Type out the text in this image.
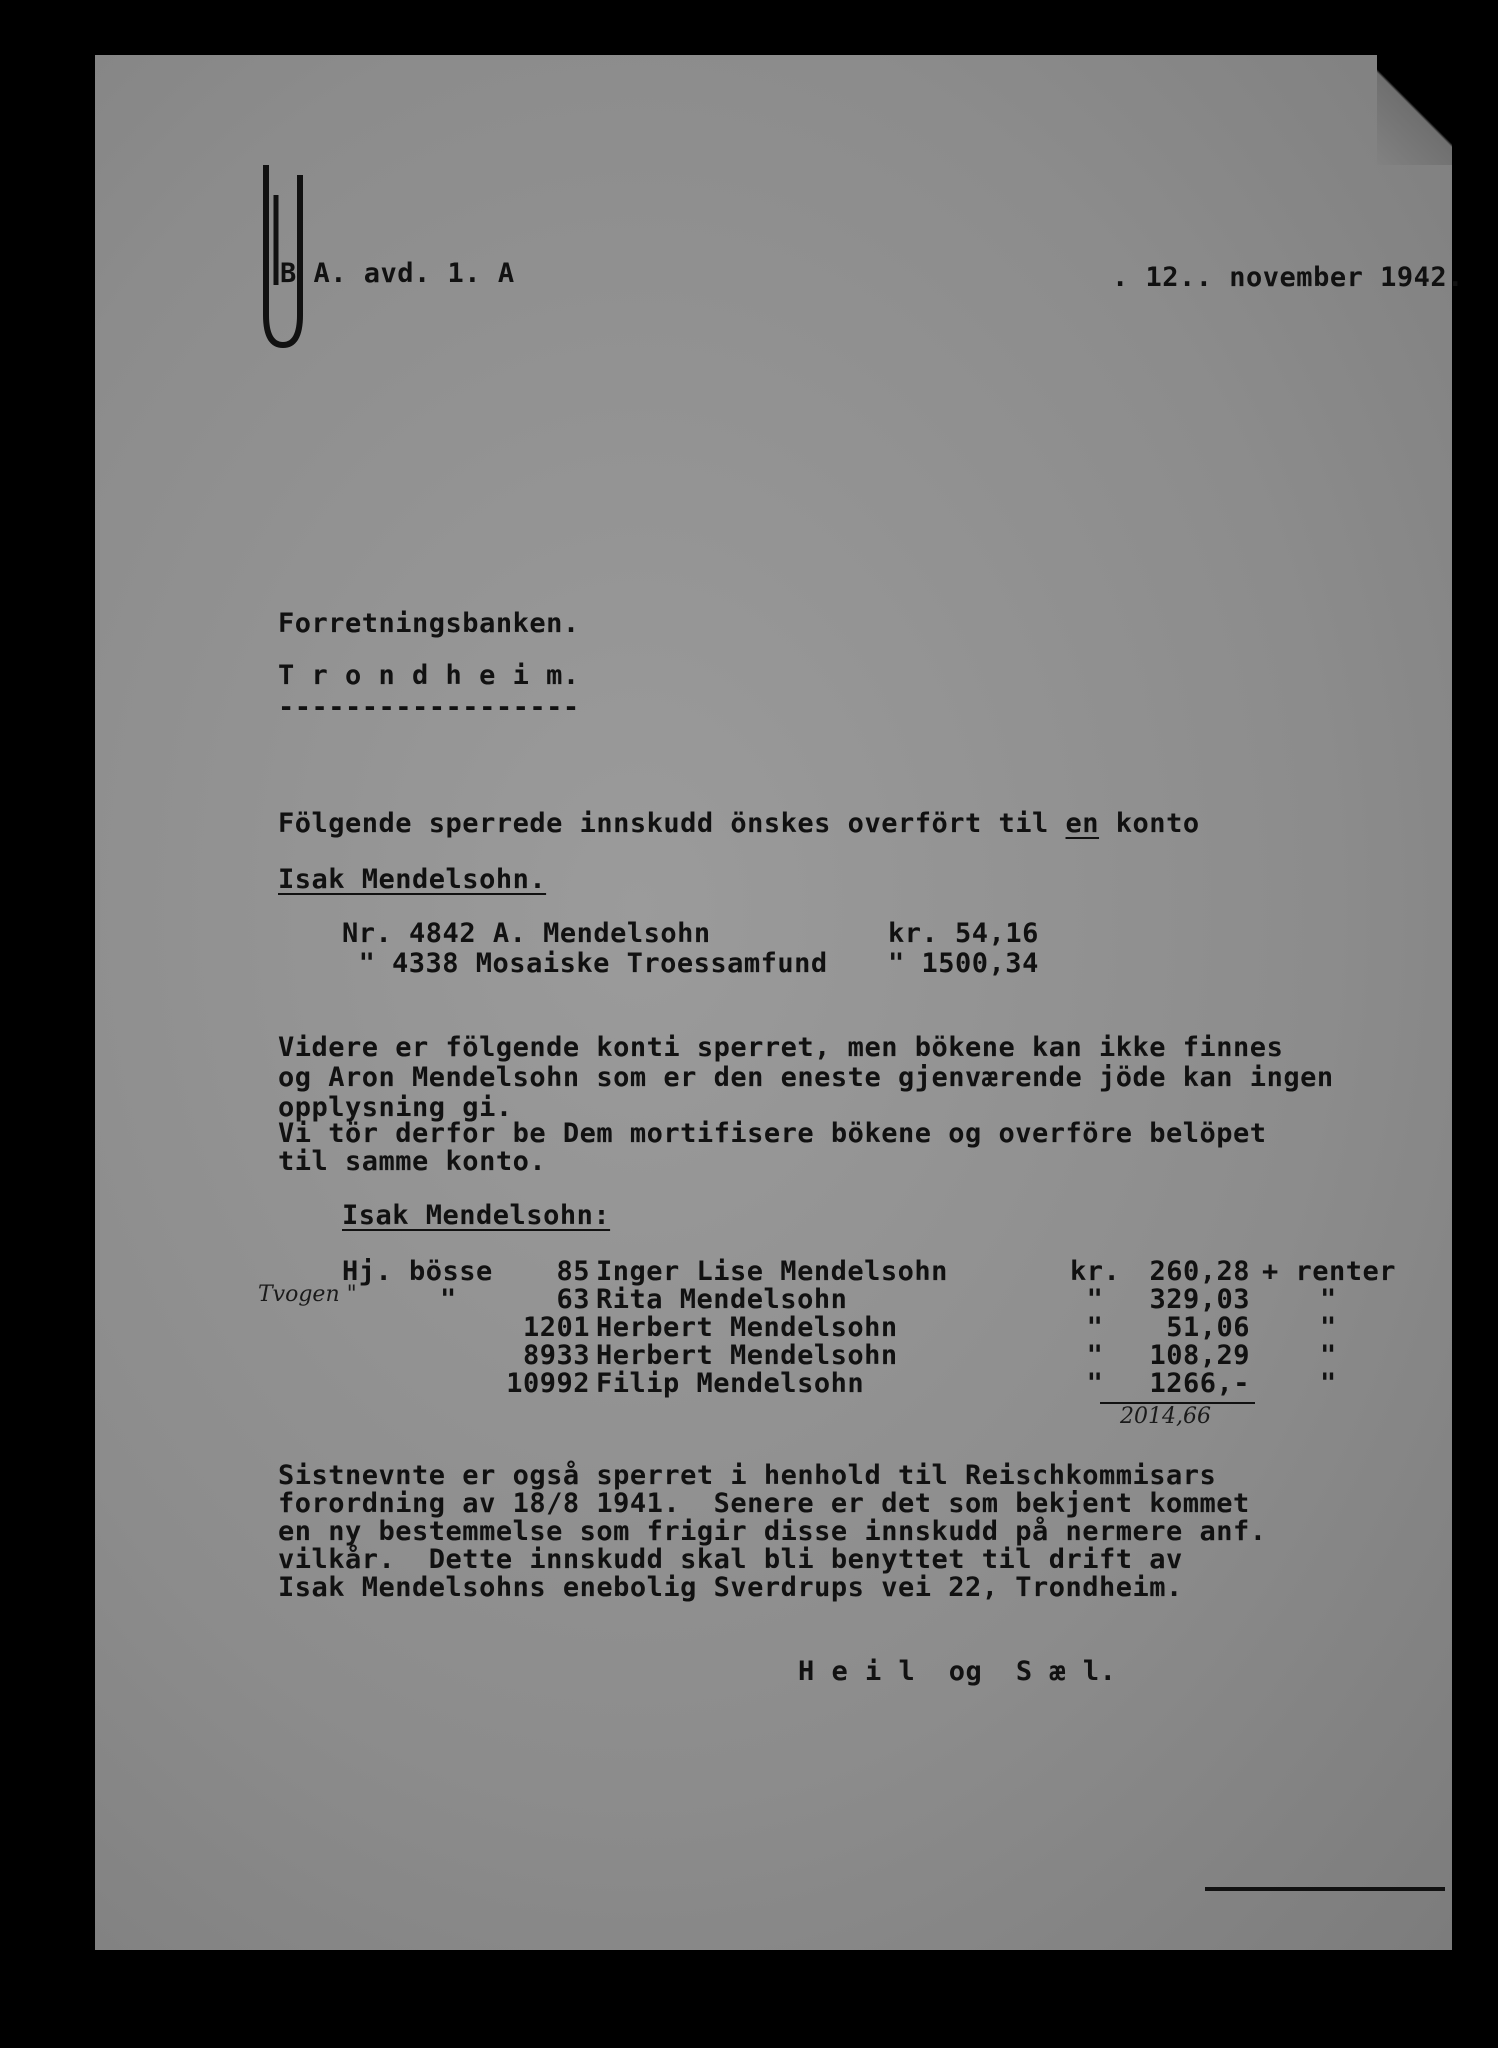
B A. avd. 1. A	. 12.. november 1942.
Forretningsbanken.
T r o n d h e i m.
------------------
Fölgende sperrede innskudd önskes overfört til en konto
Isak Mendelsohn.
Nr. 4842 A. Mendelsohn	kr. 54,16
" 4338 Mosaiske Troessamfund " 1500,34
Videre er fölgende konti sperret, men bökene kan ikke finnes
og Aron Mendelsohn som er den eneste gjenværende jöde kan ingen
opplysning gi.
Vi tör derfor be Dem mortifisere bökene og overföre belöpet
til samme konto.
Isak Mendelsohn:
Tvogen "
Hj. bösse
"
85
63
1201
8933
10992
Inger Lise Mendelsohn
Rita Mendelsohn
Herbert Mendelsohn
Herbert Mendelsohn
Filip Mendelsohn
kr.
"
"
"
"
260,28
329,03
51,06
108,29
1266,-
+ renter
"
"
"
"
2014,66
Sistnevnte er også sperret i henhold til Reischkommisars
forordning av 18/8 1941.  Senere er det som bekjent kommet
en ny bestemmelse som frigir disse innskudd på nermere anf.
vilkår.  Dette innskudd skal bli benyttet til drift av
Isak Mendelsohns enebolig Sverdrups vei 22, Trondheim.
H e i l  og  S æ l.
